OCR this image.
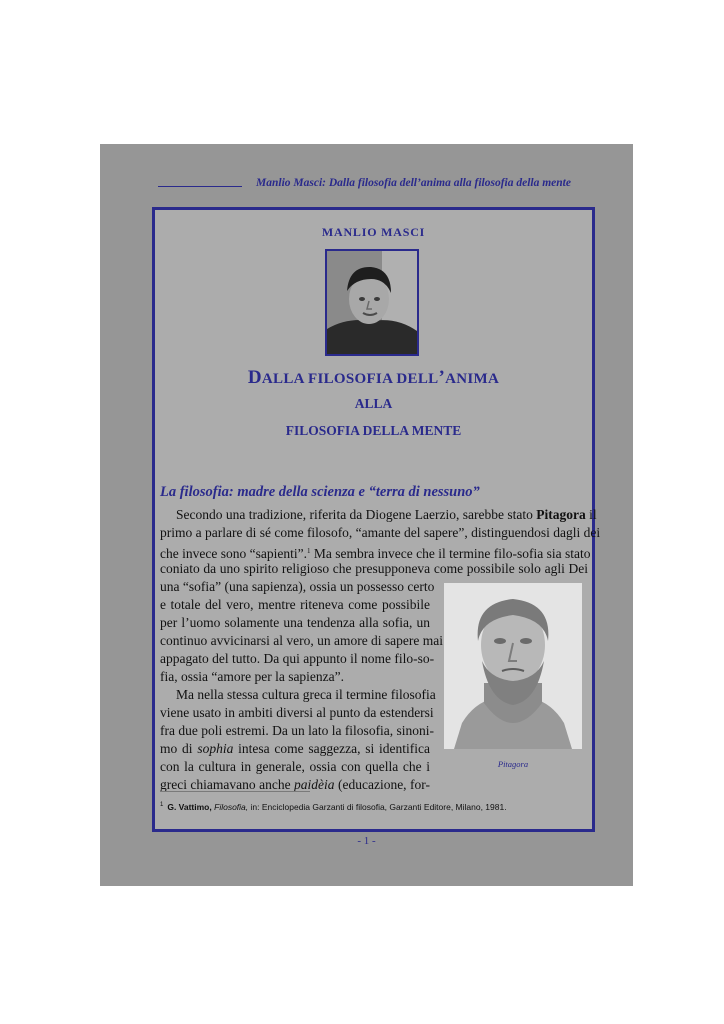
Manlio Masci: Dalla filosofia dell’anima alla filosofia della mente
MANLIO MASCI
DALLA FILOSOFIA DELL’ANIMA
ALLA
FILOSOFIA DELLA MENTE
La filosofia: madre della scienza e “terra di nessuno”
Secondo una tradizione, riferita da Diogene Laerzio, sarebbe stato Pitagora il
primo a parlare di sé come filosofo, “amante del sapere”, distinguendosi dagli dei
che invece sono “sapienti”.$^1$ Ma sembra invece che il termine filo-sofia sia stato
coniato da uno spirito religioso che presupponeva come possibile solo agli Dei
una “sofia” (una sapienza), ossia un possesso certo
e totale del vero, mentre riteneva come possibile
per l’uomo solamente una tendenza alla sofia, un
continuo avvicinarsi al vero, un amore di sapere mai
appagato del tutto. Da qui appunto il nome filo-so-
fia, ossia “amore per la sapienza”.
Ma nella stessa cultura greca il termine filosofia
viene usato in ambiti diversi al punto da estendersi
fra due poli estremi. Da un lato la filosofia, sinoni-
mo di sophia intesa come saggezza, si identifica
con la cultura in generale, ossia con quella che i
greci chiamavano anche paidèia (educazione, for-
Pitagora
$^1$ G. Vattimo, Filosofia, in: Enciclopedia Garzanti di filosofia, Garzanti Editore, Milano, 1981.
- 1 -
